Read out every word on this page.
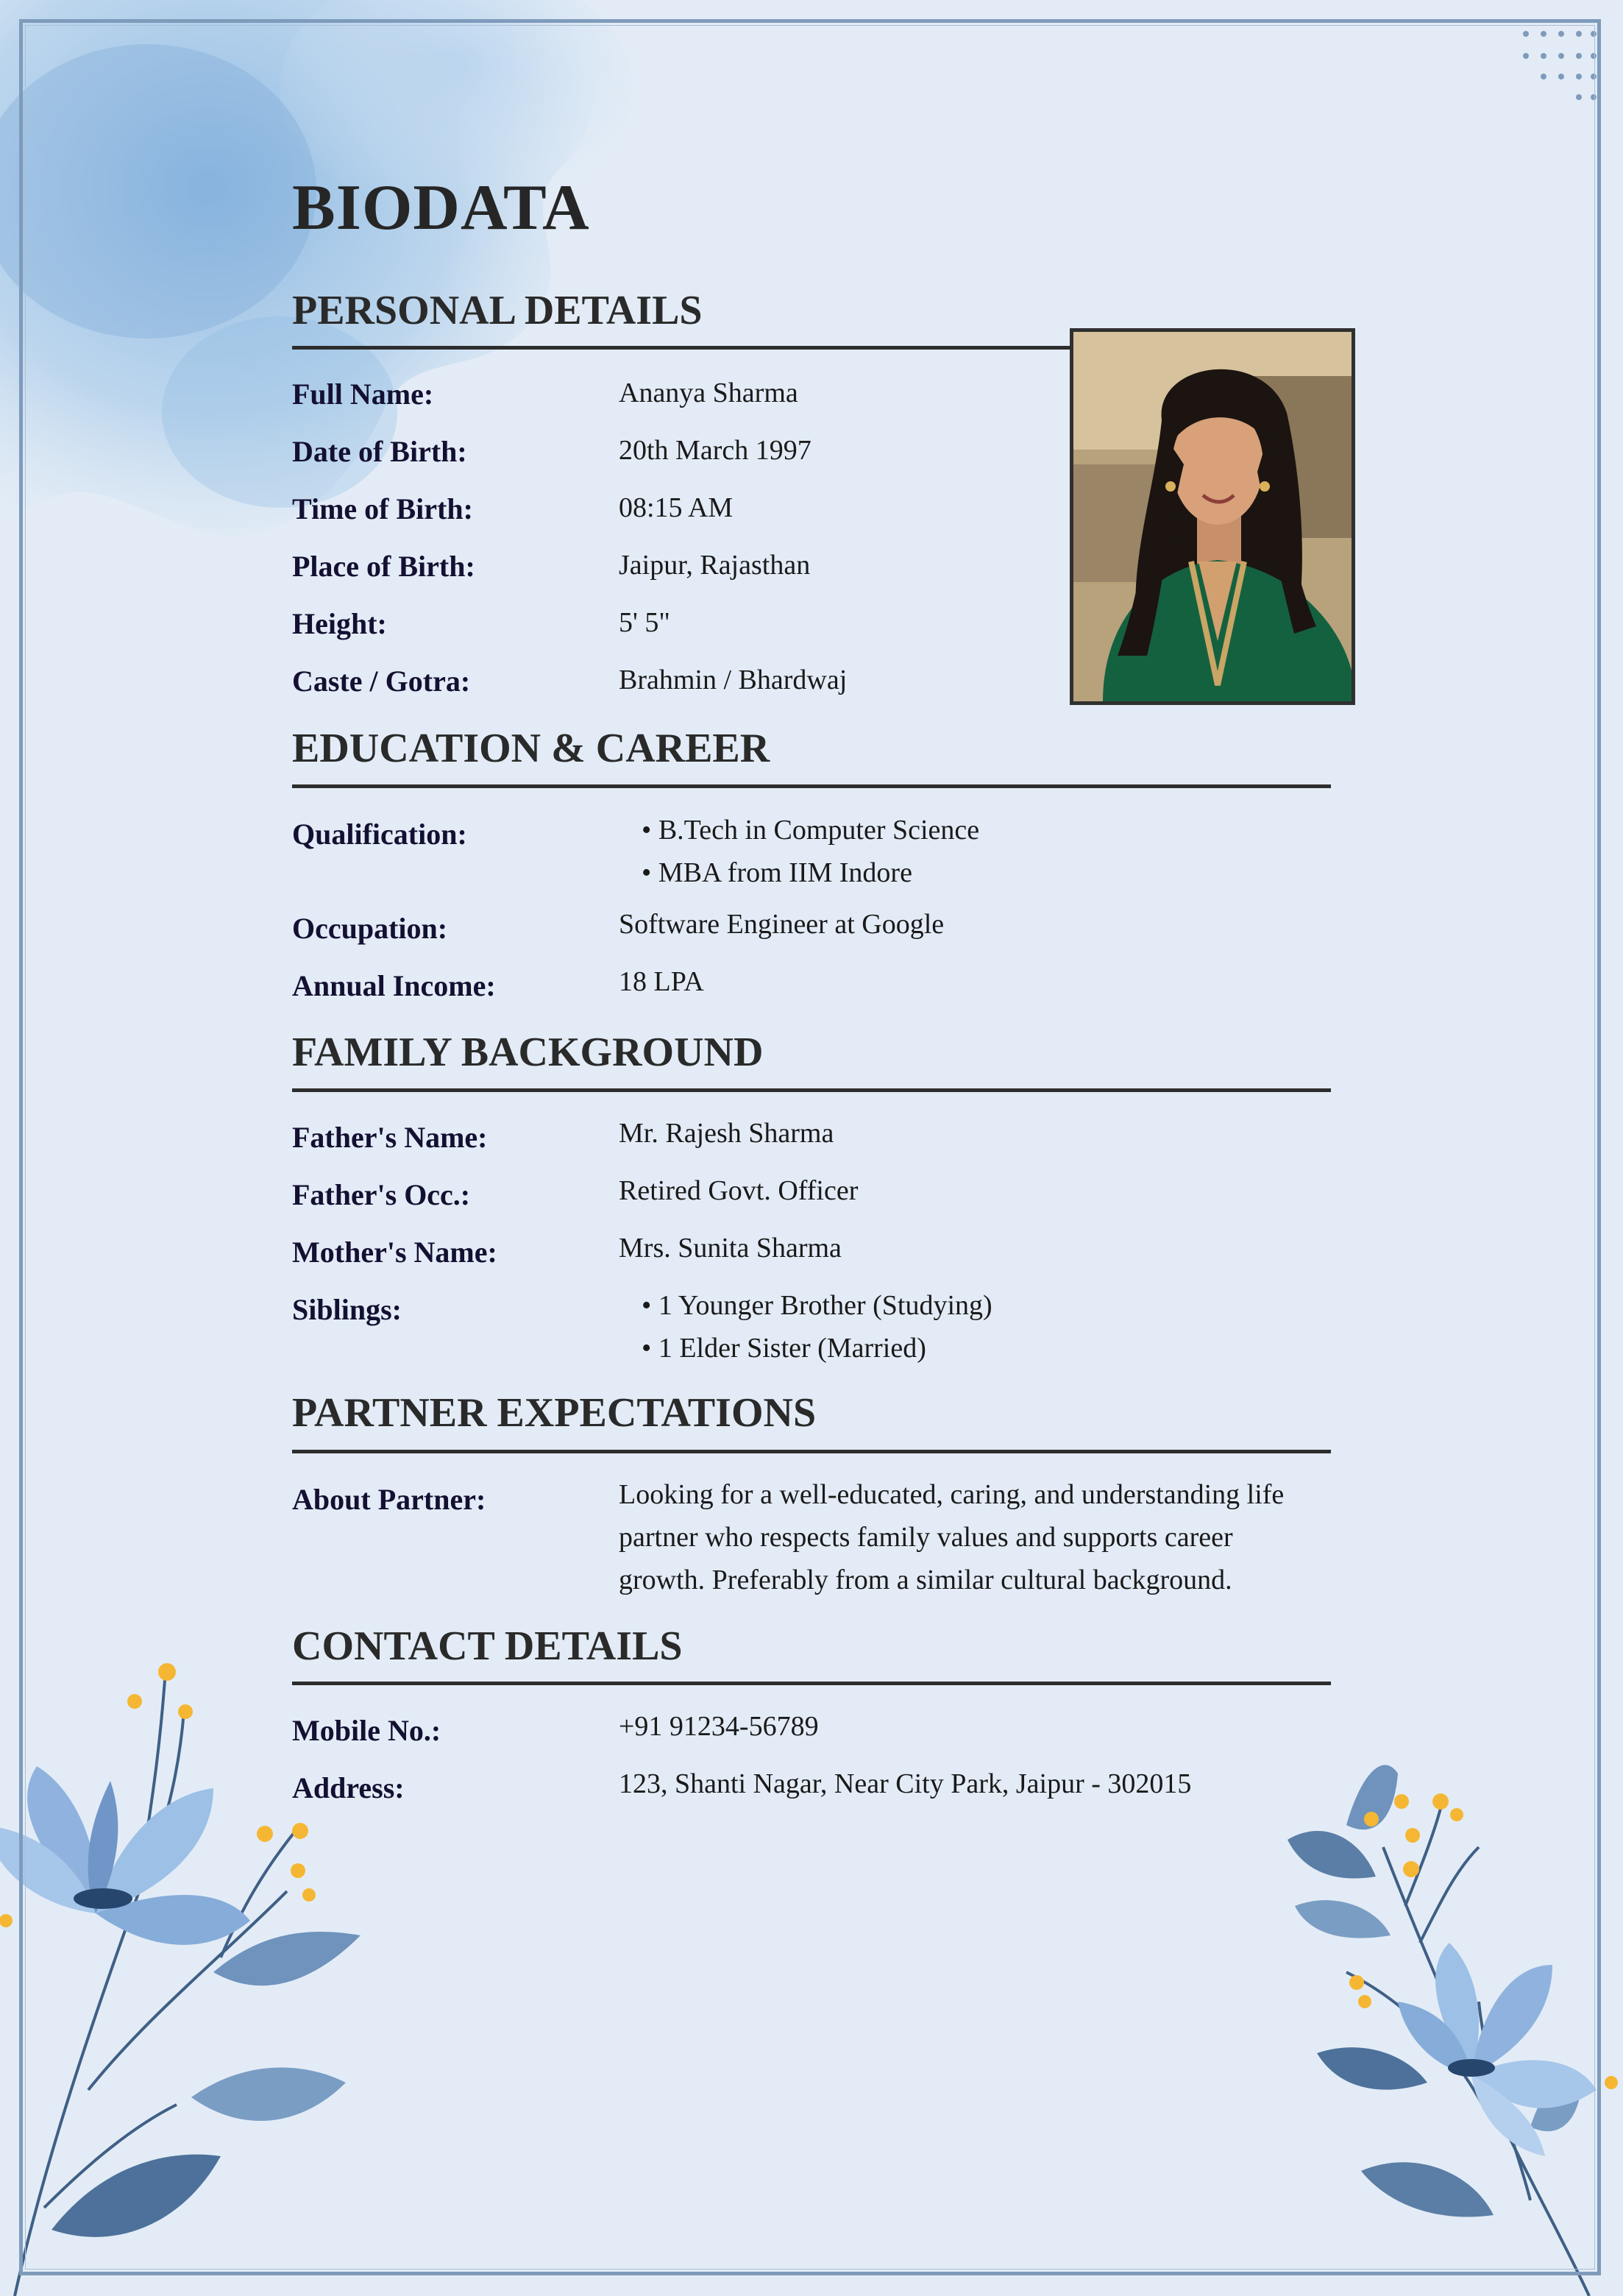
BIODATA
PERSONAL DETAILS
Full Name:	Ananya Sharma
Date of Birth:	20th March 1997
Time of Birth:	08:15 AM
Place of Birth:	Jaipur, Rajasthan
Height:	5' 5"
Caste / Gotra:	Brahmin / Bhardwaj
EDUCATION & CAREER
Qualification:	• B.Tech in Computer Science
• MBA from IIM Indore
Occupation:	Software Engineer at Google
Annual Income:	18 LPA
FAMILY BACKGROUND
Father's Name:	Mr. Rajesh Sharma
Father's Occ.:	Retired Govt. Officer
Mother's Name:	Mrs. Sunita Sharma
Siblings:	• 1 Younger Brother (Studying)
• 1 Elder Sister (Married)
PARTNER EXPECTATIONS
About Partner:	Looking for a well-educated, caring, and understanding life
partner who respects family values and supports career
growth. Preferably from a similar cultural background.
CONTACT DETAILS
Mobile No.:	+91 91234-56789
Address:	123, Shanti Nagar, Near City Park, Jaipur - 302015
